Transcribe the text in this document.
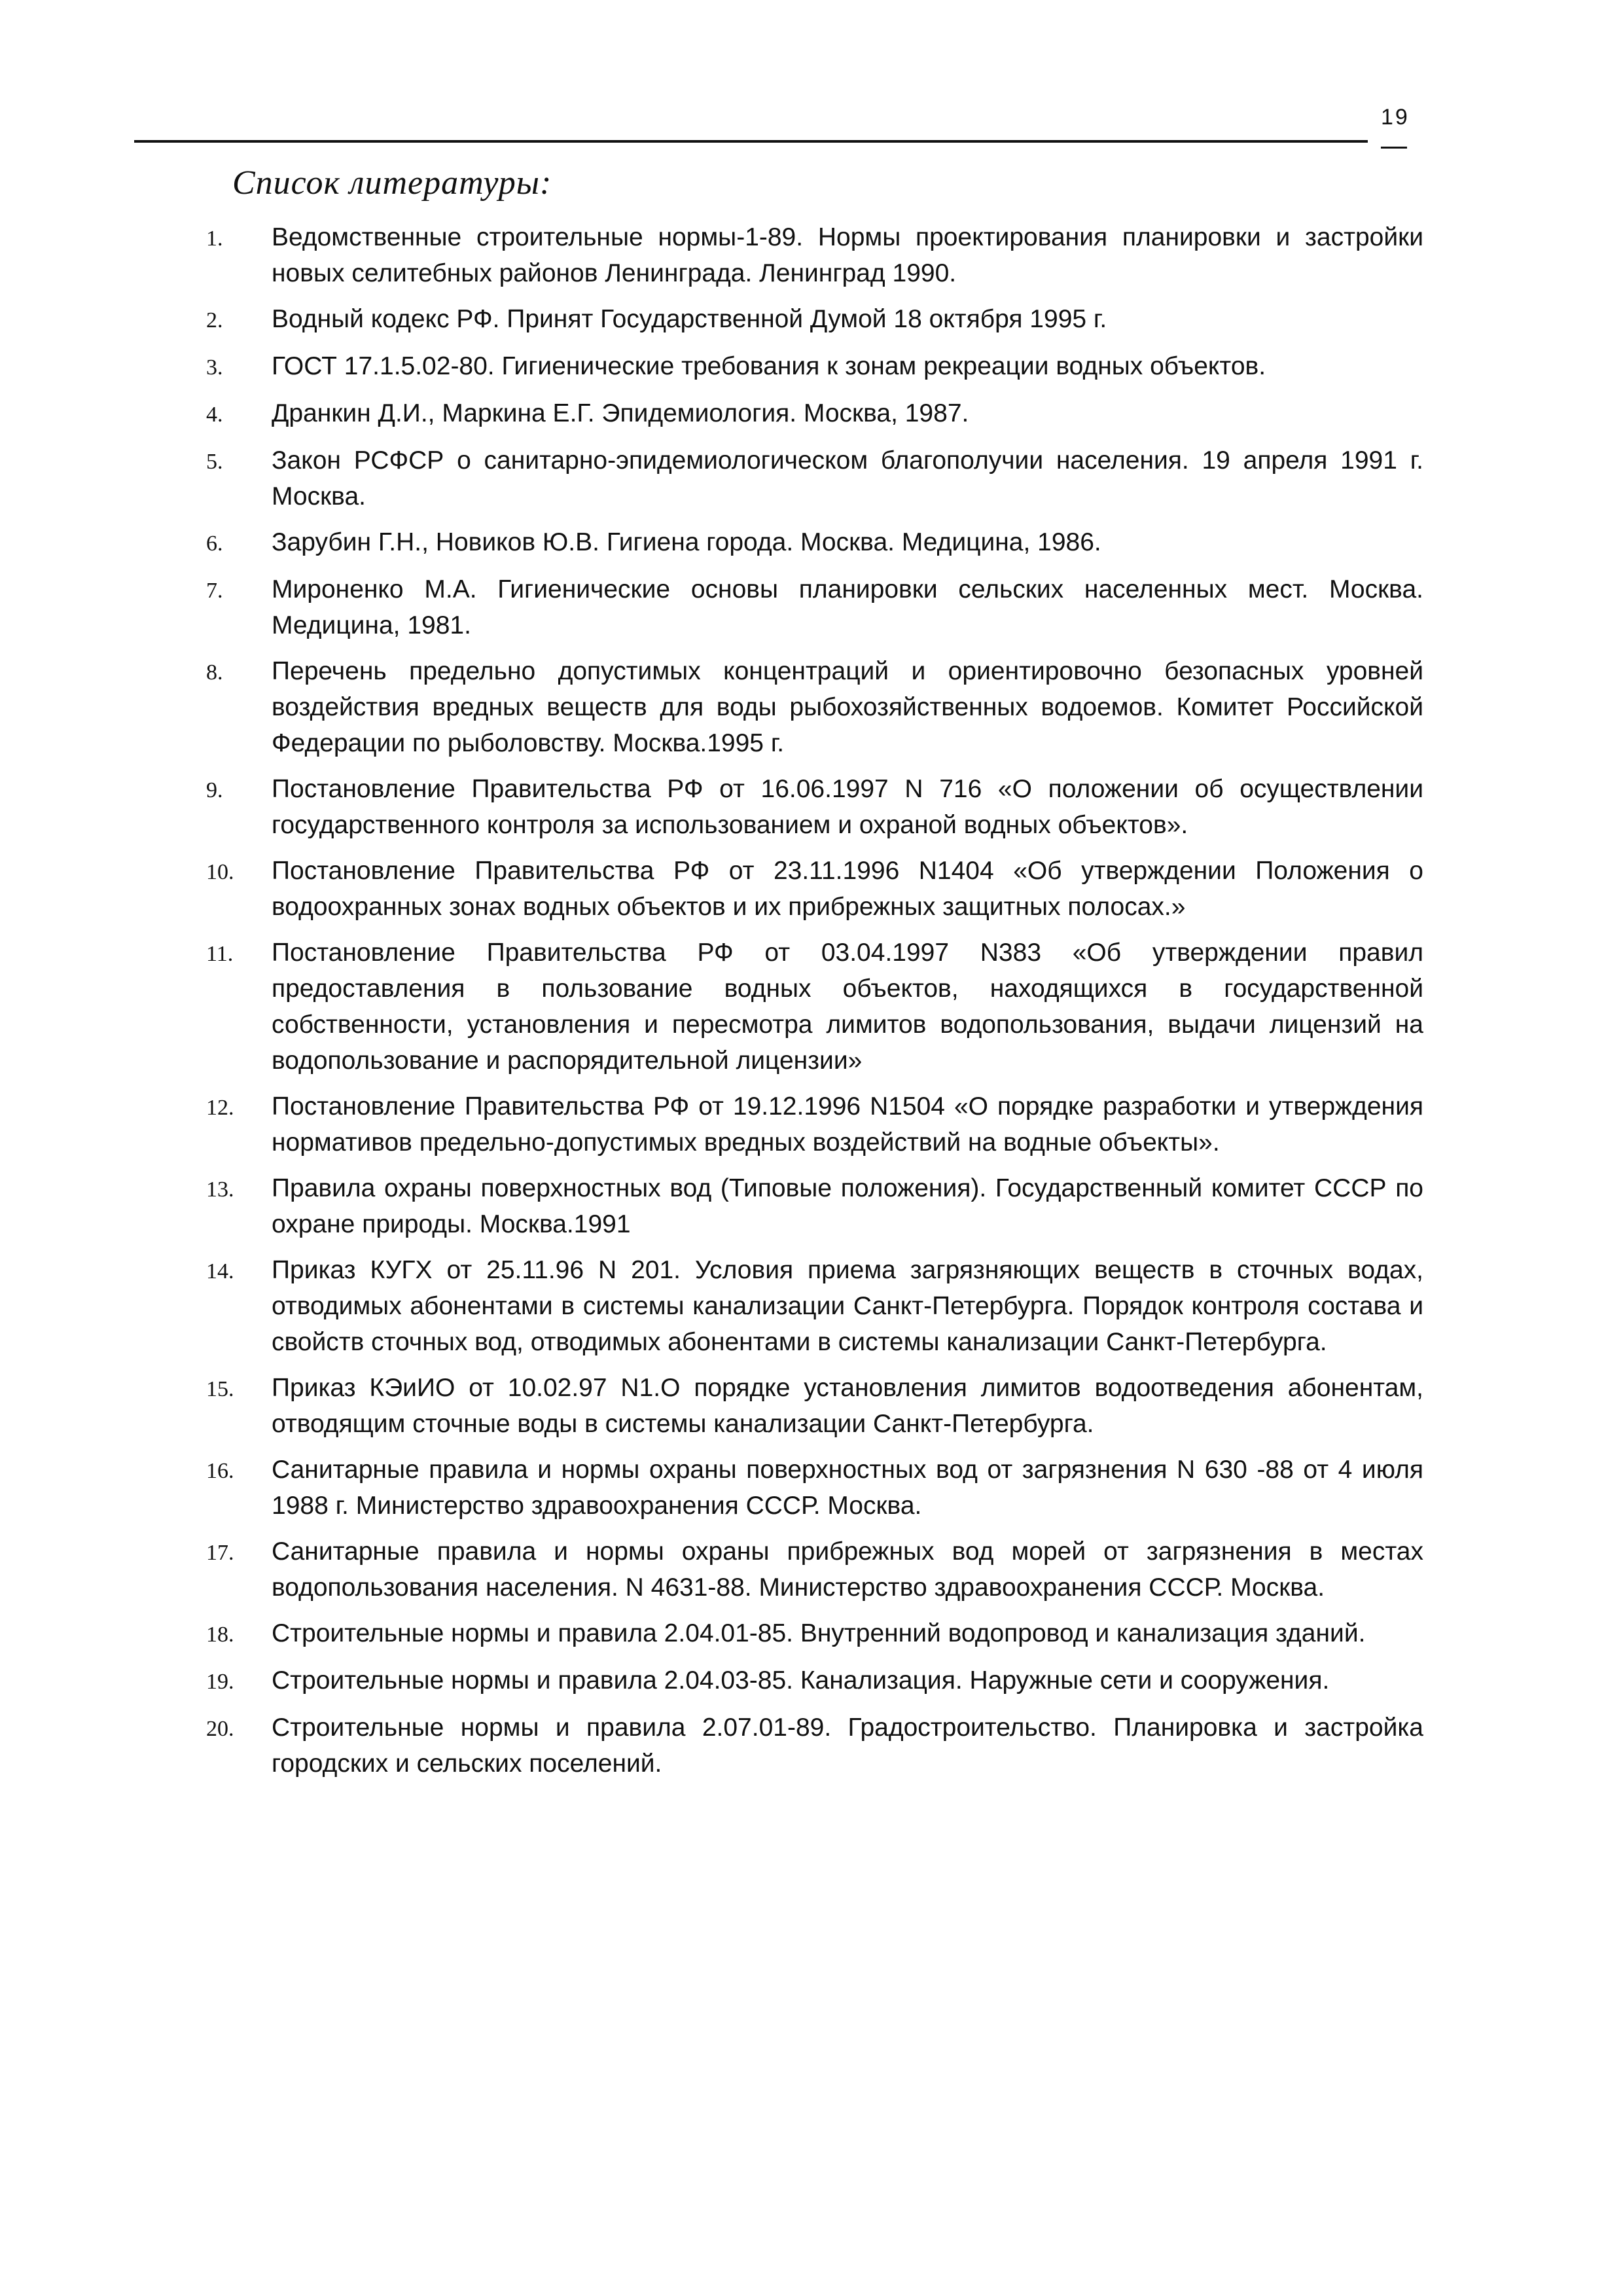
19
Список литературы:
1.	Ведомственные строительные нормы-1-89. Нормы проектирования планировки и застройки новых селитебных районов Ленинграда. Ленинград 1990.
2.	Водный кодекс РФ. Принят Государственной Думой 18 октября 1995 г.
3.	ГОСТ 17.1.5.02-80. Гигиенические требования к зонам рекреации водных объектов.
4.	Дранкин Д.И., Маркина Е.Г. Эпидемиология. Москва, 1987.
5.	Закон РСФСР о санитарно-эпидемиологическом благополучии населения. 19 апреля 1991 г. Москва.
6.	Зарубин Г.Н., Новиков Ю.В. Гигиена города. Москва. Медицина, 1986.
7.	Мироненко М.А. Гигиенические основы планировки сельских населенных мест. Москва. Медицина, 1981.
8.	Перечень предельно допустимых концентраций и ориентировочно безопасных уровней воздействия вредных веществ для воды рыбохозяйственных водоемов. Комитет Российской Федерации по рыболовству. Москва.1995 г.
9.	Постановление Правительства РФ от 16.06.1997 N 716 «О положении об осуществлении государственного контроля за использованием и охраной водных объектов».
10.	Постановление Правительства РФ от 23.11.1996 N1404 «Об утверждении Положения о водоохранных зонах водных объектов и их прибрежных защитных полосах.»
11.	Постановление Правительства РФ от 03.04.1997 N383 «Об утверждении правил предоставления в пользование водных объектов, находящихся в государственной собственности, установления и пересмотра лимитов водопользования, выдачи лицензий на водопользование и распорядительной лицензии»
12.	Постановление Правительства РФ от 19.12.1996 N1504 «О порядке разработки и утверждения нормативов предельно-допустимых вредных воздействий на водные объекты».
13.	Правила охраны поверхностных вод (Типовые положения). Государственный комитет СССР по охране природы. Москва.1991
14.	Приказ КУГХ от 25.11.96 N 201. Условия приема загрязняющих веществ в сточных водах, отводимых абонентами в системы канализации Санкт-Петербурга. Порядок контроля состава и свойств сточных вод, отводимых абонентами в системы канализации Санкт-Петербурга.
15.	Приказ КЭиИО от 10.02.97 N1.О порядке установления лимитов водоотведения абонентам, отводящим сточные воды в системы канализации Санкт-Петербурга.
16.	Санитарные правила и нормы охраны поверхностных вод от загрязнения N 630 -88 от 4 июля 1988 г. Министерство здравоохранения СССР. Москва.
17.	Санитарные правила и нормы охраны прибрежных вод морей от загрязнения в местах водопользования населения. N 4631-88. Министерство здравоохранения СССР. Москва.
18.	Строительные нормы и правила 2.04.01-85. Внутренний водопровод и канализация зданий.
19.	Строительные нормы и правила 2.04.03-85. Канализация. Наружные сети и сооружения.
20.	Строительные нормы и правила 2.07.01-89. Градостроительство. Планировка и застройка городских и сельских поселений.
